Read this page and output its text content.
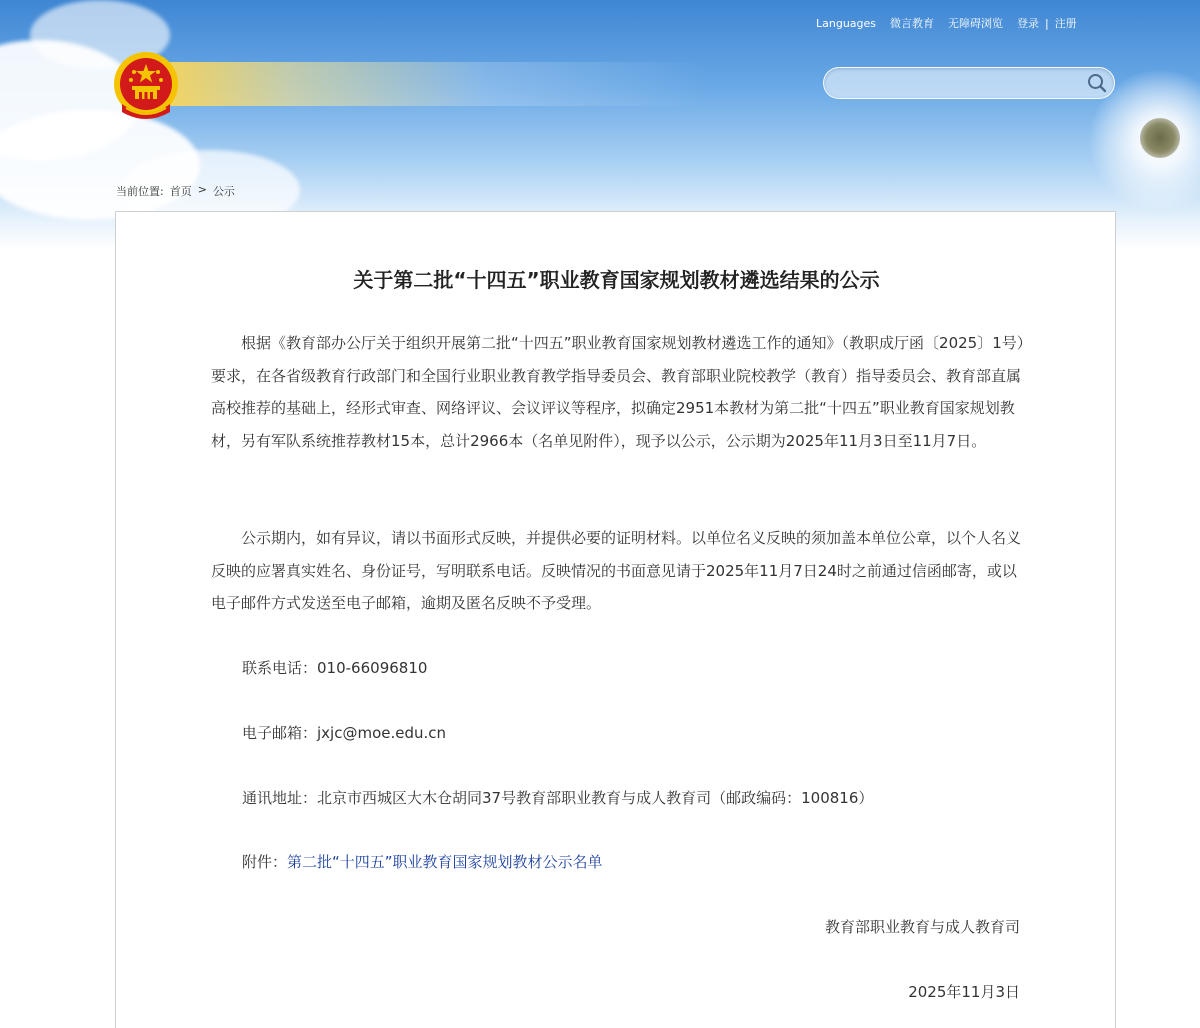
Languages 微言教育 无障碍浏览 登录 | 注册
当前位置: 首页 > 公示
关于第二批“十四五”职业教育国家规划教材遴选结果的公示
根据《教育部办公厅关于组织开展第二批“十四五”职业教育国家规划教材遴选工作的通知》（教职成厅函〔2025〕1号）要求，在各省级教育行政部门和全国行业职业教育教学指导委员会、教育部职业院校教学（教育）指导委员会、教育部直属高校推荐的基础上，经形式审查、网络评议、会议评议等程序，拟确定2951本教材为第二批“十四五”职业教育国家规划教材，另有军队系统推荐教材15本，总计2966本（名单见附件），现予以公示，公示期为2025年11月3日至11月7日。
公示期内，如有异议，请以书面形式反映，并提供必要的证明材料。以单位名义反映的须加盖本单位公章，以个人名义反映的应署真实姓名、身份证号，写明联系电话。反映情况的书面意见请于2025年11月7日24时之前通过信函邮寄，或以电子邮件方式发送至电子邮箱，逾期及匿名反映不予受理。
联系电话：010-66096810
电子邮箱：jxjc@moe.edu.cn
通讯地址：北京市西城区大木仓胡同37号教育部职业教育与成人教育司（邮政编码：100816）
附件：第二批“十四五”职业教育国家规划教材公示名单
教育部职业教育与成人教育司
2025年11月3日
